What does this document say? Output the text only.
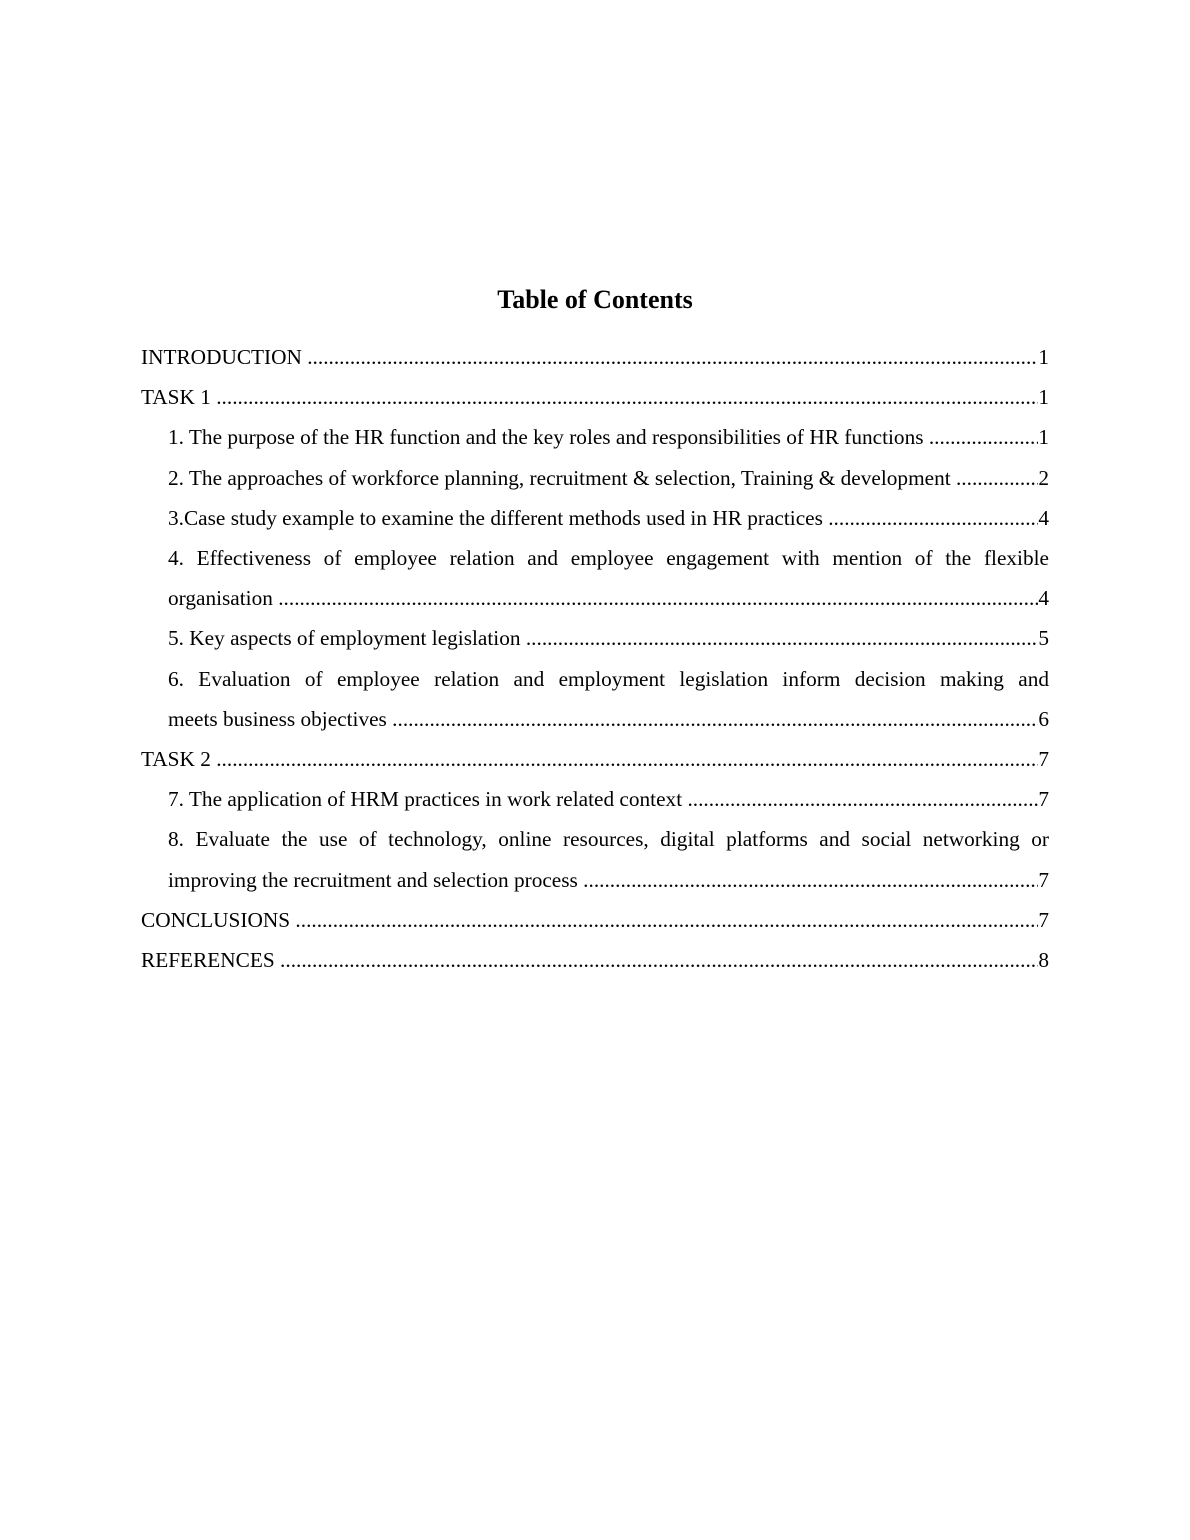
Table of Contents
INTRODUCTION .....	1
TASK 1 .....	1
1. The purpose of the HR function and the key roles and responsibilities of HR functions .....	1
2. The approaches of workforce planning, recruitment & selection, Training & development .....	2
3.Case study example to examine the different methods used in HR practices .....	4
4. Effectiveness of employee relation and employee engagement with mention of the flexible
organisation .....	4
5. Key aspects of employment legislation .....	5
6. Evaluation of employee relation and employment legislation inform decision making and
meets business objectives .....	6
TASK 2 .....	7
7. The application of HRM practices in work related context .....	7
8. Evaluate the use of technology, online resources, digital platforms and social networking or
improving the recruitment and selection process .....	7
CONCLUSIONS .....	7
REFERENCES .....	8
